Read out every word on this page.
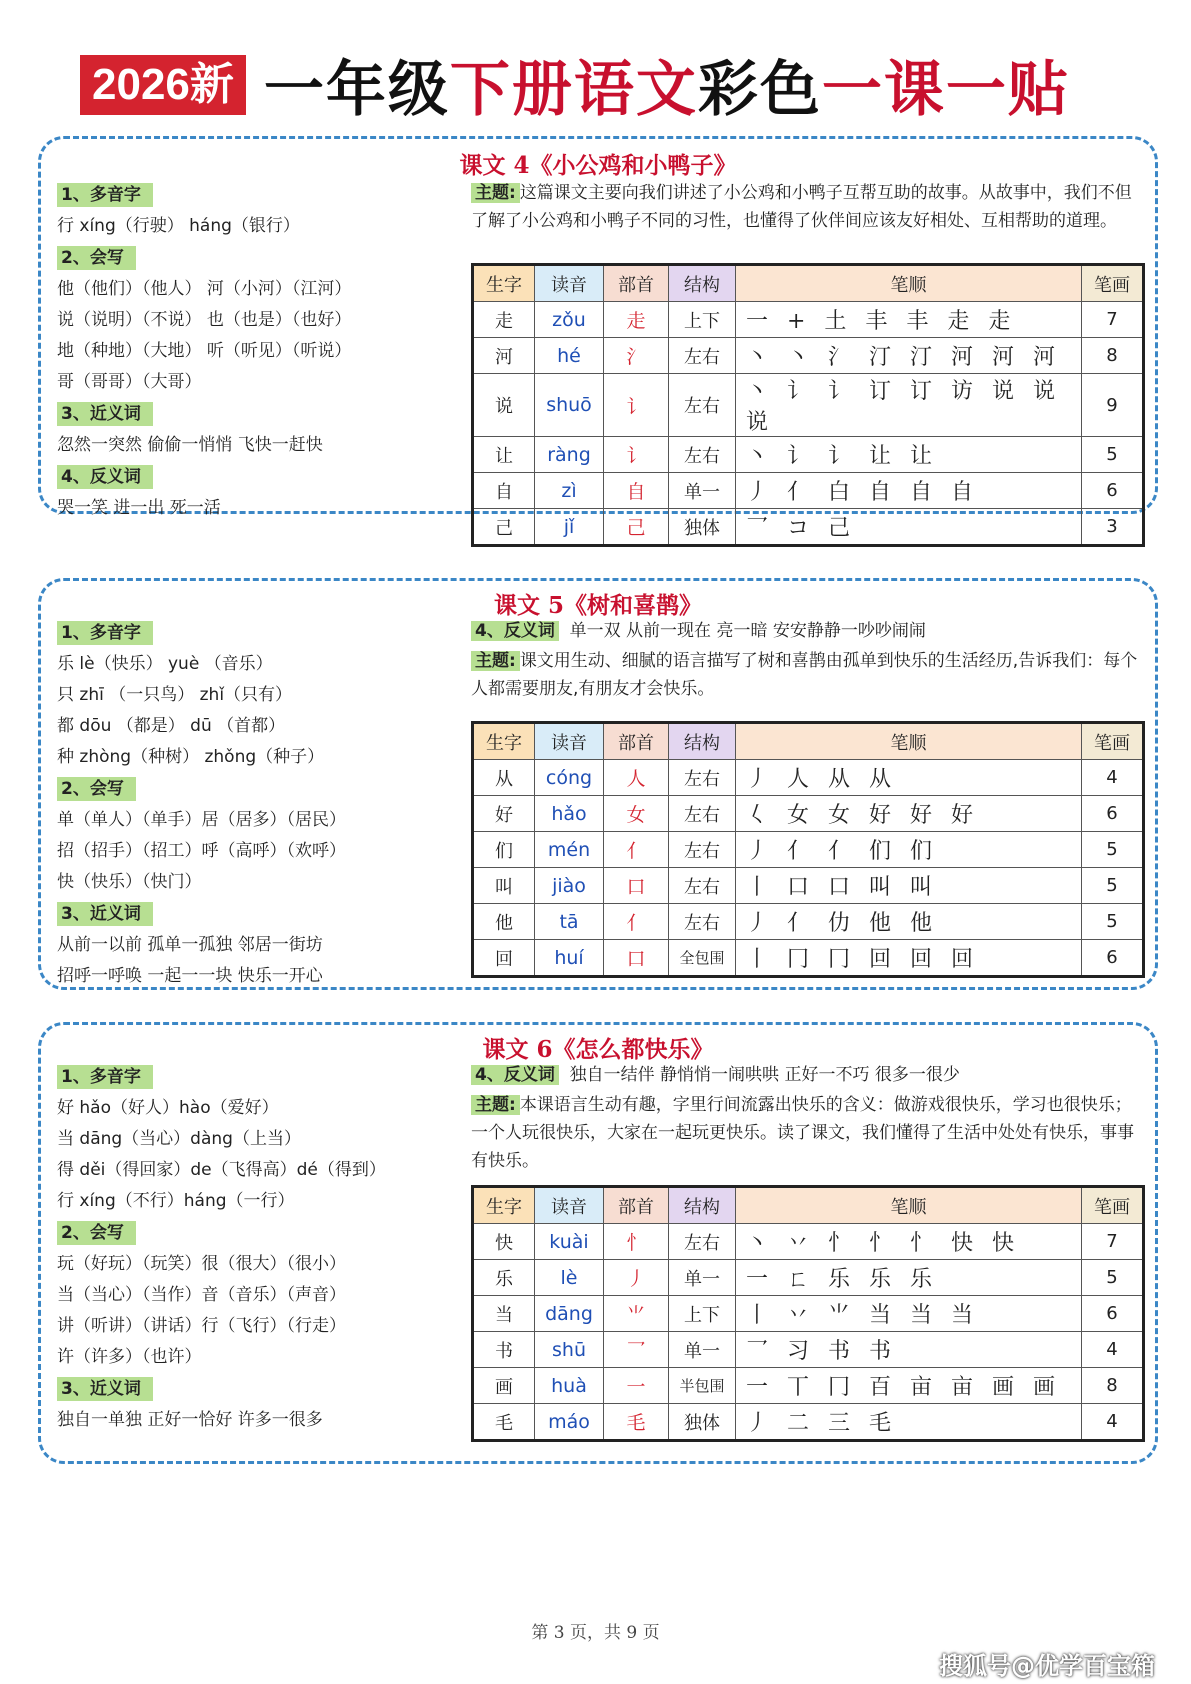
2026新 一年级下册语文彩色一课一贴
课文 4《小公鸡和小鸭子》
1、多音字
行 xíng（行驶） háng（银行）
2、会写
他（他们）（他人） 河（小河）（江河）
说（说明）（不说） 也（也是）（也好）
地（种地）（大地） 听（听见）（听说）
哥（哥哥）（大哥）
3、近义词
忽然一突然 偷偷一悄悄 飞快一赶快
4、反义词
哭一笑 进一出 死一活
主题: 这篇课文主要向我们讲述了小公鸡和小鸭子互帮互助的故事。从故事中，我们不但了解了小公鸡和小鸭子不同的习性，也懂得了伙伴间应该友好相处、互相帮助的道理。
生字	读音	部首	结构	笔顺	笔画
走	zǒu	走	上下	一 + 土 丰 丰 走 走	7
河	hé	氵	左右	丶 丶 氵 汀 汀 河 河 河	8
说	shuō	讠	左右	丶 讠 讠 订 订 访 说 说 说	9
让	ràng	讠	左右	丶 讠 讠 让 让	5
自	zì	自	单一	丿 亻 白 自 自 自	6
己	jǐ	己	独体	乛 コ 己	3
课文 5《树和喜鹊》
1、多音字
乐 lè（快乐） yuè （音乐）
只 zhī （一只鸟） zhǐ（只有）
都 dōu （都是） dū （首都）
种 zhòng（种树） zhǒng（种子）
2、会写
单（单人）（单手）居（居多）（居民）
招（招手）（招工）呼（高呼）（欢呼）
快（快乐）（快门）
3、近义词
从前一以前 孤单一孤独 邻居一街坊
招呼一呼唤 一起一一块 快乐一开心
4、反义词 单一双 从前一现在 亮一暗 安安静静一吵吵闹闹
主题: 课文用生动、细腻的语言描写了树和喜鹊由孤单到快乐的生活经历,告诉我们：每个人都需要朋友,有朋友才会快乐。
生字	读音	部首	结构	笔顺	笔画
从	cóng	人	左右	丿 人 从 从	4
好	hǎo	女	左右	𡿨 女 女 好 好 好	6
们	mén	亻	左右	丿 亻 亻 们 们	5
叫	jiào	口	左右	丨 口 口 叫 叫	5
他	tā	亻	左右	丿 亻 仂 他 他	5
回	huí	口	全包围	丨 冂 冂 回 回 回	6
课文 6《怎么都快乐》
1、多音字
好 hǎo（好人）hào（爱好）
当 dāng（当心）dàng（上当）
得 děi（得回家）de（飞得高）dé（得到）
行 xíng（不行）háng（一行）
2、会写
玩（好玩）（玩笑）很（很大）（很小）
当（当心）（当作）音（音乐）（声音）
讲（听讲）（讲话）行（飞行）（行走）
许（许多）（也许）
3、近义词
独自一单独 正好一恰好 许多一很多
4、反义词 独自一结伴 静悄悄一闹哄哄 正好一不巧 很多一很少
主题: 本课语言生动有趣，字里行间流露出快乐的含义：做游戏很快乐，学习也很快乐；一个人玩很快乐，大家在一起玩更快乐。读了课文，我们懂得了生活中处处有快乐，事事有快乐。
生字	读音	部首	结构	笔顺	笔画
快	kuài	忄	左右	丶 丷 忄 忄 忄 快 快	7
乐	lè	丿	单一	一 ㄈ 乐 乐 乐	5
当	dāng	⺌	上下	丨 丷 ⺌ 当 当 当	6
书	shū	乛	单一	乛 习 书 书	4
画	huà	一	半包围	一 丅 冂 百 亩 亩 画 画	8
毛	máo	毛	独体	丿 二 三 毛	4
第 3 页，共 9 页
搜狐号@优学百宝箱
